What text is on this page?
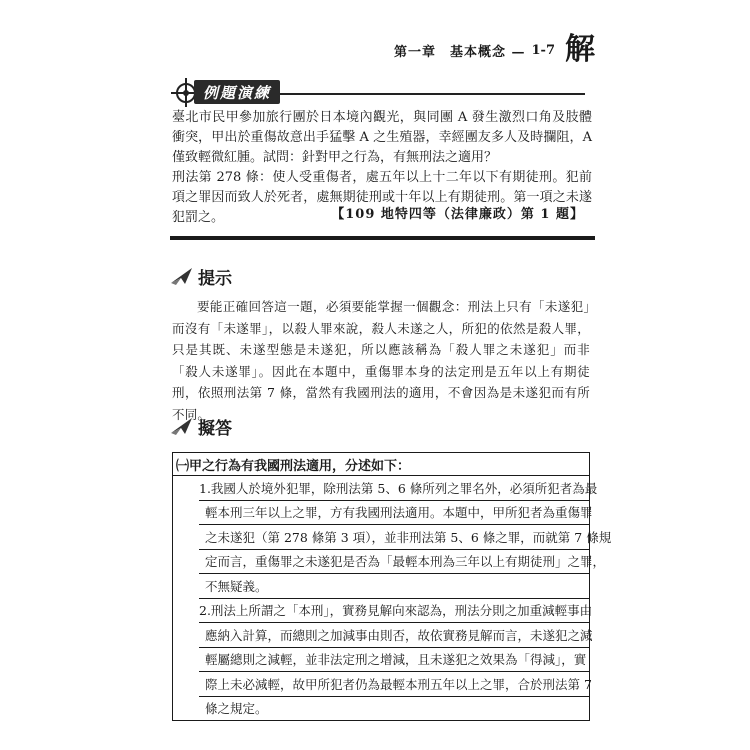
第一章　基本概念 — 1-7 解
例題演練

臺北市民甲參加旅行團於日本境內觀光，與同團 A 發生激烈口角及肢體衝突，甲出於重傷故意出手猛擊 A 之生殖器，幸經團友多人及時攔阻，A 僅致輕微紅腫。試問：針對甲之行為，有無刑法之適用？

刑法第 278 條：使人受重傷者，處五年以上十二年以下有期徒刑。犯前項之罪因而致人於死者，處無期徒刑或十年以上有期徒刑。第一項之未遂犯罰之。	【109 地特四等（法律廉政）第 1 題】
提示

要能正確回答這一題，必須要能掌握一個觀念：刑法上只有「未遂犯」而沒有「未遂罪」，以殺人罪來說，殺人未遂之人，所犯的依然是殺人罪，只是其既、未遂型態是未遂犯，所以應該稱為「殺人罪之未遂犯」而非「殺人未遂罪」。因此在本題中，重傷罪本身的法定刑是五年以上有期徒刑，依照刑法第 7 條，當然有我國刑法的適用，不會因為是未遂犯而有所不同。

擬答
㈠甲之行為有我國刑法適用，分述如下：
1.我國人於境外犯罪，除刑法第 5、6 條所列之罪名外，必須所犯者為最
輕本刑三年以上之罪，方有我國刑法適用。本題中，甲所犯者為重傷罪
之未遂犯（第 278 條第 3 項），並非刑法第 5、6 條之罪，而就第 7 條規
定而言，重傷罪之未遂犯是否為「最輕本刑為三年以上有期徒刑」之罪，
不無疑義。
2.刑法上所謂之「本刑」，實務見解向來認為，刑法分則之加重減輕事由
應納入計算，而總則之加減事由則否，故依實務見解而言，未遂犯之減
輕屬總則之減輕，並非法定刑之增減，且未遂犯之效果為「得減」，實
際上未必減輕，故甲所犯者仍為最輕本刑五年以上之罪，合於刑法第 7
條之規定。
